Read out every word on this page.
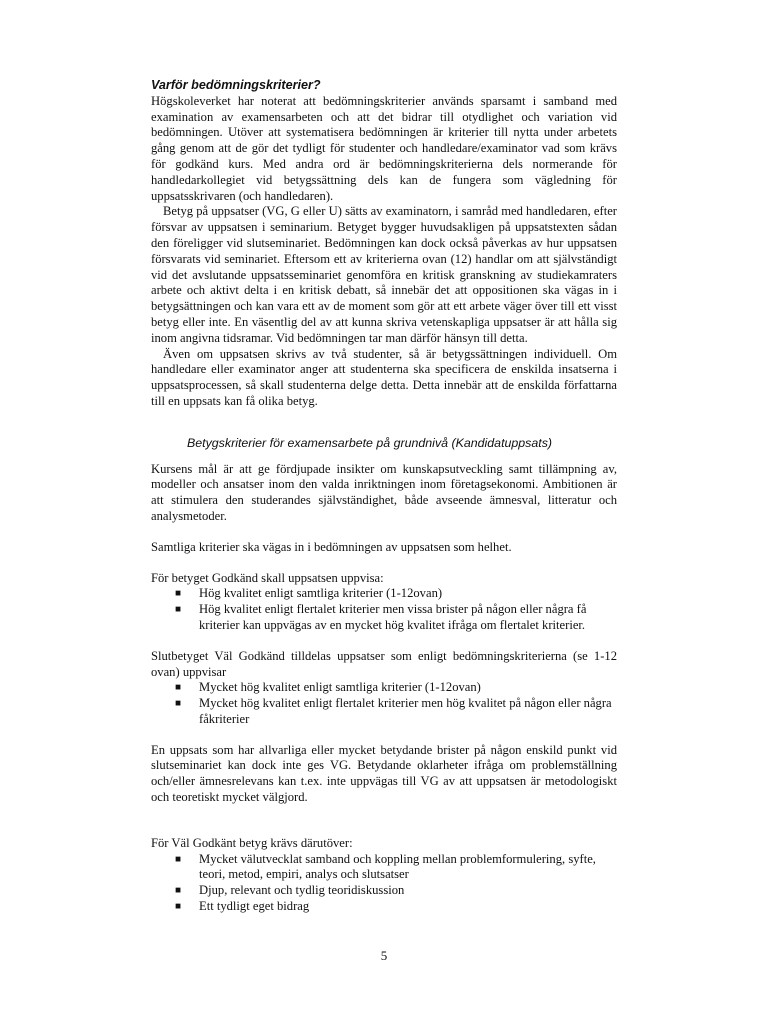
Varför bedömningskriterier?

Högskoleverket har noterat att bedömningskriterier används sparsamt i samband med examination av examensarbeten och att det bidrar till otydlighet och variation vid bedömningen. Utöver att systematisera bedömningen är kriterier till nytta under arbetets gång genom att de gör det tydligt för studenter och handledare/examinator vad som krävs för godkänd kurs. Med andra ord är bedömningskriterierna dels normerande för handledarkollegiet vid betygssättning dels kan de fungera som vägledning för uppsatsskrivaren (och handledaren).

Betyg på uppsatser (VG, G eller U) sätts av examinatorn, i samråd med handledaren, efter försvar av uppsatsen i seminarium. Betyget bygger huvudsakligen på uppsatstexten sådan den föreligger vid slutseminariet. Bedömningen kan dock också påverkas av hur uppsatsen försvarats vid seminariet. Eftersom ett av kriterierna ovan (12) handlar om att självständigt vid det avslutande uppsatsseminariet genomföra en kritisk granskning av studiekamraters arbete och aktivt delta i en kritisk debatt, så innebär det att oppositionen ska vägas in i betygsättningen och kan vara ett av de moment som gör att ett arbete väger över till ett visst betyg eller inte. En väsentlig del av att kunna skriva vetenskapliga uppsatser är att hålla sig inom angivna tidsramar. Vid bedömningen tar man därför hänsyn till detta.

Även om uppsatsen skrivs av två studenter, så är betygssättningen individuell. Om handledare eller examinator anger att studenterna ska specificera de enskilda insatserna i uppsatsprocessen, så skall studenterna delge detta. Detta innebär att de enskilda författarna till en uppsats kan få olika betyg.

Betygskriterier för examensarbete på grundnivå (Kandidatuppsats)

Kursens mål är att ge fördjupade insikter om kunskapsutveckling samt tillämpning av, modeller och ansatser inom den valda inriktningen inom företagsekonomi. Ambitionen är att stimulera den studerandes självständighet, både avseende ämnesval, litteratur och analysmetoder.

Samtliga kriterier ska vägas in i bedömningen av uppsatsen som helhet.

För betyget Godkänd skall uppsatsen uppvisa:

■ Hög kvalitet enligt samtliga kriterier (1-12ovan)
■ Hög kvalitet enligt flertalet kriterier men vissa brister på någon eller några få kriterier kan uppvägas av en mycket hög kvalitet ifråga om flertalet kriterier.

Slutbetyget Väl Godkänd tilldelas uppsatser som enligt bedömningskriterierna (se 1-12 ovan) uppvisar

■ Mycket hög kvalitet enligt samtliga kriterier (1-12ovan)
■ Mycket hög kvalitet enligt flertalet kriterier men hög kvalitet på någon eller några fåkriterier

En uppsats som har allvarliga eller mycket betydande brister på någon enskild punkt vid slutseminariet kan dock inte ges VG. Betydande oklarheter ifråga om problemställning och/eller ämnesrelevans kan t.ex. inte uppvägas till VG av att uppsatsen är metodologiskt och teoretiskt mycket välgjord.

För Väl Godkänt betyg krävs därutöver:

■ Mycket välutvecklat samband och koppling mellan problemformulering, syfte, teori, metod, empiri, analys och slutsatser
■ Djup, relevant och tydlig teoridiskussion
■ Ett tydligt eget bidrag
5
